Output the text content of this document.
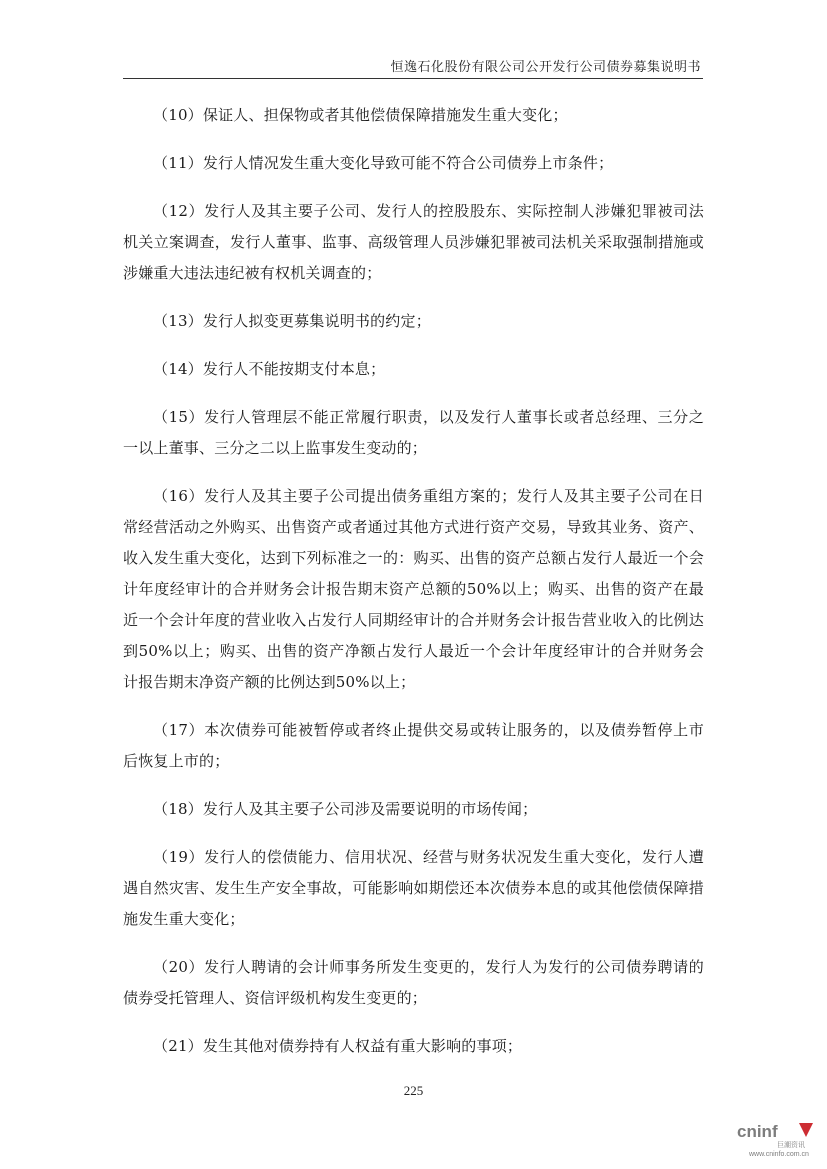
恒逸石化股份有限公司公开发行公司债券募集说明书

（10）保证人、担保物或者其他偿债保障措施发生重大变化；

（11）发行人情况发生重大变化导致可能不符合公司债券上市条件；

（12）发行人及其主要子公司、发行人的控股股东、实际控制人涉嫌犯罪被司法机关立案调查，发行人董事、监事、高级管理人员涉嫌犯罪被司法机关采取强制措施或涉嫌重大违法违纪被有权机关调查的；

（13）发行人拟变更募集说明书的约定；

（14）发行人不能按期支付本息；

（15）发行人管理层不能正常履行职责，以及发行人董事长或者总经理、三分之一以上董事、三分之二以上监事发生变动的；

（16）发行人及其主要子公司提出债务重组方案的；发行人及其主要子公司在日常经营活动之外购买、出售资产或者通过其他方式进行资产交易，导致其业务、资产、收入发生重大变化，达到下列标准之一的：购买、出售的资产总额占发行人最近一个会计年度经审计的合并财务会计报告期末资产总额的50%以上；购买、出售的资产在最近一个会计年度的营业收入占发行人同期经审计的合并财务会计报告营业收入的比例达到50%以上；购买、出售的资产净额占发行人最近一个会计年度经审计的合并财务会计报告期末净资产额的比例达到50%以上；

（17）本次债券可能被暂停或者终止提供交易或转让服务的，以及债券暂停上市后恢复上市的；

（18）发行人及其主要子公司涉及需要说明的市场传闻；

（19）发行人的偿债能力、信用状况、经营与财务状况发生重大变化，发行人遭遇自然灾害、发生生产安全事故，可能影响如期偿还本次债券本息的或其他偿债保障措施发生重大变化；

（20）发行人聘请的会计师事务所发生变更的，发行人为发行的公司债券聘请的债券受托管理人、资信评级机构发生变更的；

（21）发生其他对债券持有人权益有重大影响的事项；

225
cninf
巨潮资讯
www.cninfo.com.cn
